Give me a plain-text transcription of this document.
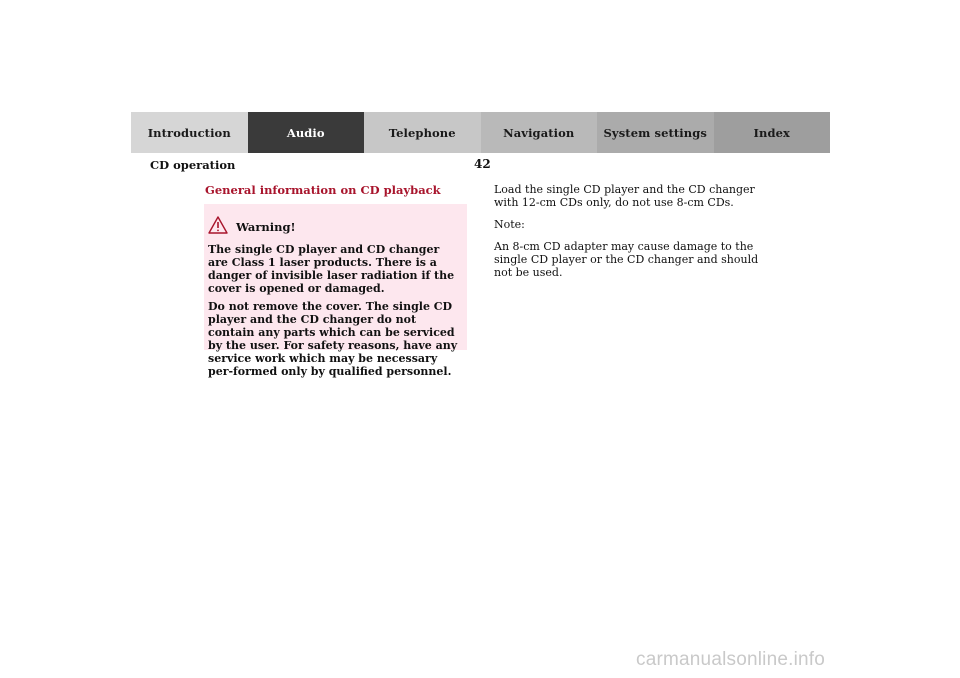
Introduction	Audio	Telephone	Navigation	System settings	Index
CD operation	42
General information on CD playback
Warning!

The single CD player and CD changer are Class 1 laser products. There is a danger of invisible laser radiation if the cover is opened or damaged.

Do not remove the cover. The single CD player and the CD changer do not contain any parts which can be serviced by the user. For safety reasons, have any service work which may be necessary per-formed only by qualified personnel.

Load the single CD player and the CD changer with 12-cm CDs only, do not use 8-cm CDs.

Note:

An 8-cm CD adapter may cause damage to the single CD player or the CD changer and should not be used.

carmanualsonline.info
